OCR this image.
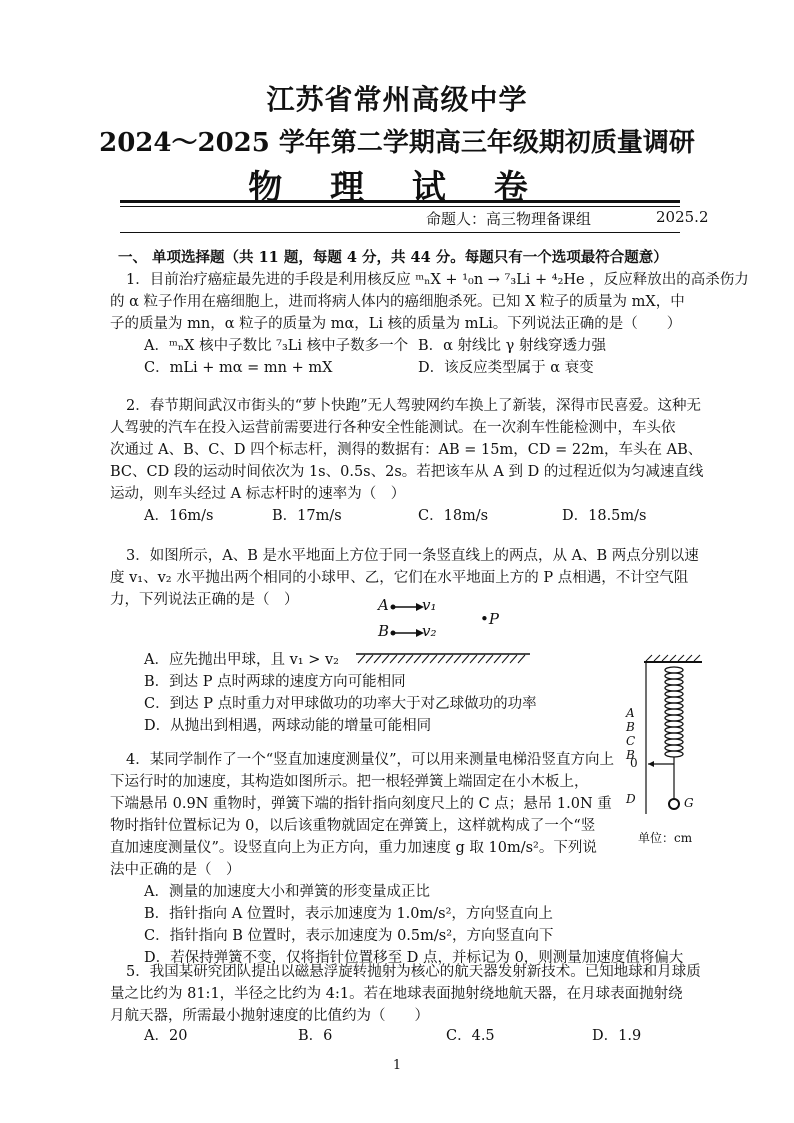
江苏省常州高级中学
2024～2025 学年第二学期高三年级期初质量调研
物 理 试 卷
命题人：高三物理备课组	2025.2
一、 单项选择题（共 11 题，每题 4 分，共 44 分。每题只有一个选项最符合题意）
1．目前治疗癌症最先进的手段是利用核反应 ᵐₙX + ¹₀n → ⁷₃Li + ⁴₂He ，反应释放出的高杀伤力
的 α 粒子作用在癌细胞上，进而将病人体内的癌细胞杀死。已知 X 粒子的质量为 mX，中
子的质量为 mn，α 粒子的质量为 mα，Li 核的质量为 mLi。下列说法正确的是（　　）
A．ᵐₙX 核中子数比 ⁷₃Li 核中子数多一个 B．α 射线比 γ 射线穿透力强
C．mLi + mα = mn + mX	D．该反应类型属于 α 衰变
2．春节期间武汉市街头的“萝卜快跑”无人驾驶网约车换上了新装，深得市民喜爱。这种无
人驾驶的汽车在投入运营前需要进行各种安全性能测试。在一次刹车性能检测中，车头依
次通过 A、B、C、D 四个标志杆，测得的数据有：AB = 15m，CD = 22m，车头在 AB、
BC、CD 段的运动时间依次为 1s、0.5s、2s。若把该车从 A 到 D 的过程近似为匀减速直线
运动，则车头经过 A 标志杆时的速率为（　）
A．16m/s	B．17m/s	C．18m/s	D．18.5m/s
3．如图所示，A、B 是水平地面上方位于同一条竖直线上的两点，从 A、B 两点分别以速
度 v₁、v₂ 水平抛出两个相同的小球甲、乙，它们在水平地面上方的 P 点相遇，不计空气阻
力，下列说法正确的是（　）	A v₁
B v₂
•P
A．应先抛出甲球，且 v₁ > v₂
B．到达 P 点时两球的速度方向可能相同
C．到达 P 点时重力对甲球做功的功率大于对乙球做功的功率
D．从抛出到相遇，两球动能的增量可能相同
4．某同学制作了一个“竖直加速度测量仪”，可以用来测量电梯沿竖直方向上
下运行时的加速度，其构造如图所示。把一根轻弹簧上端固定在小木板上，
下端悬吊 0.9N 重物时，弹簧下端的指针指向刻度尺上的 C 点；悬吊 1.0N 重
物时指针位置标记为 0，以后该重物就固定在弹簧上，这样就构成了一个“竖
直加速度测量仪”。设竖直向上为正方向，重力加速度 g 取 10m/s²。下列说
法中正确的是（　）
A．测量的加速度大小和弹簧的形变量成正比
B．指针指向 A 位置时，表示加速度为 1.0m/s²，方向竖直向上
C．指针指向 B 位置时，表示加速度为 0.5m/s²，方向竖直向下
D．若保持弹簧不变，仅将指针位置移至 D 点，并标记为 0，则测量加速度值将偏大
A
B
C
B
0
D	G
单位：cm
5．我国某研究团队提出以磁悬浮旋转抛射为核心的航天器发射新技术。已知地球和月球质
量之比约为 81:1，半径之比约为 4:1。若在地球表面抛射绕地航天器，在月球表面抛射绕
月航天器，所需最小抛射速度的比值约为（　　）
A．20	B．6	C．4.5	D．1.9
1
